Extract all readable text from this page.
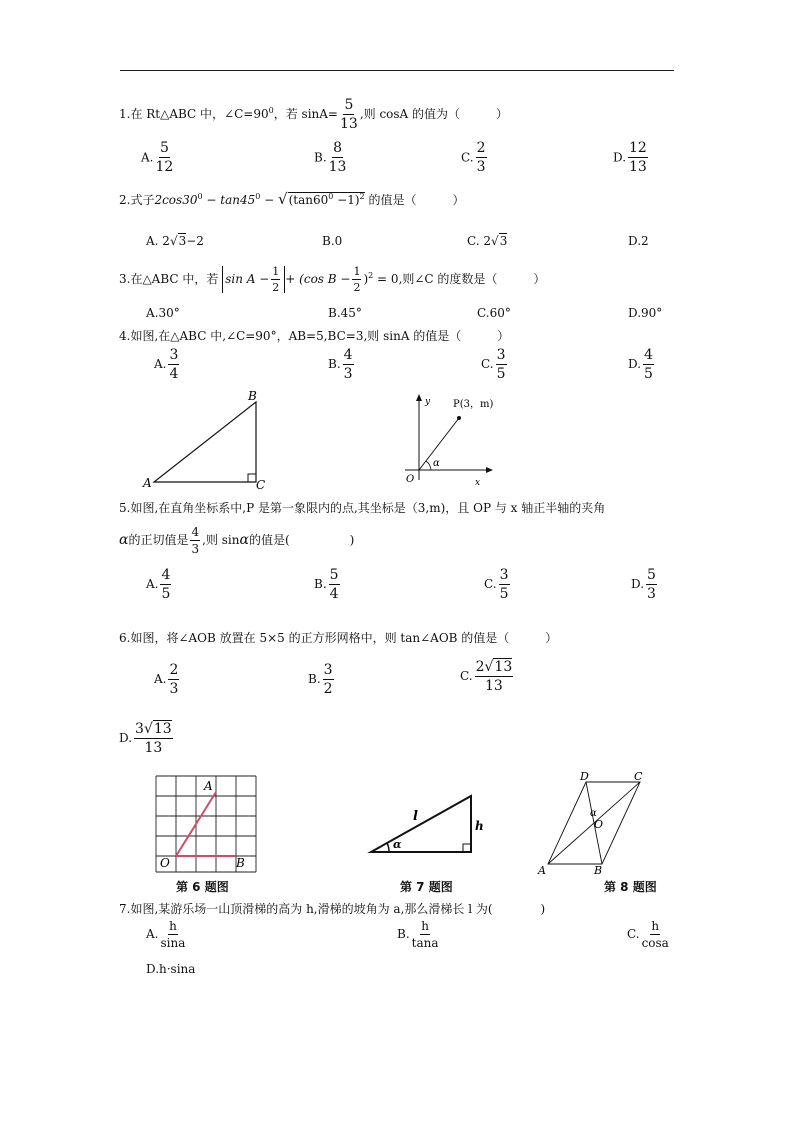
1.在 Rt△ABC 中，$\angle C=90^0$，若 $\sin A= \frac{5}{13}$ ,则 cosA 的值为（　　　）
A. $\frac{5}{12}$	B. $\frac{8}{13}$	C. $\frac{2}{3}$	D. $\frac{12}{13}$
2.式子$2\cos 30^0 - \tan 45^0 - √(\tan 60^0 -1)^2$ 的值是（　　　）
A. 2√3−2	B.0	C. 2√3	D.2
3.在△ABC 中，若 $\sin A - \frac{1}{2} + (\cos$ $B - \frac{1}{2} )^2 = 0$,则∠C 的度数是（　　　）
A.30°	B.45°	C.60°	D.90°
4.如图,在△ABC 中,∠C=90°，AB=5,BC=3,则 sinA 的值是（　　　）
A. $\frac{3}{4}$	B. $\frac{4}{3}$	C. $\frac{3}{5}$	D. $\frac{4}{5}$
A
B
C
y P(3，m)
α
O	x
5.如图,在直角坐标系中,P 是第一象限内的点,其坐标是（3,m)，且 OP 与 x 轴正半轴的夹角
α的正切值是 $\frac{4}{3}$ ,则 sinα的值是(　　　　　)
A. $\frac{4}{5}$	B. $\frac{5}{4}$	C. $\frac{3}{5}$	D. $\frac{5}{3}$
6.如图，将∠AOB 放置在 5×5 的正方形网格中，则 tan∠AOB 的值是（　　　）
A. $\frac{2}{3}$	B. $\frac{3}{2}$	C. $\frac{2√13}{13}$
D. $\frac{3√13}{13}$
A
O	B
第 6 题图
l
h
α
第 7 题图
D	C
A	B
O
α
第 8 题图
7.如图,某游乐场一山顶滑梯的高为 h,滑梯的坡角为 a,那么滑梯长 l 为(　　　　)
A. $\frac{h}{\sin a}$	B. $\frac{h}{\tan a}$	C. $\frac{h}{\cos a}$
D.h·sina
